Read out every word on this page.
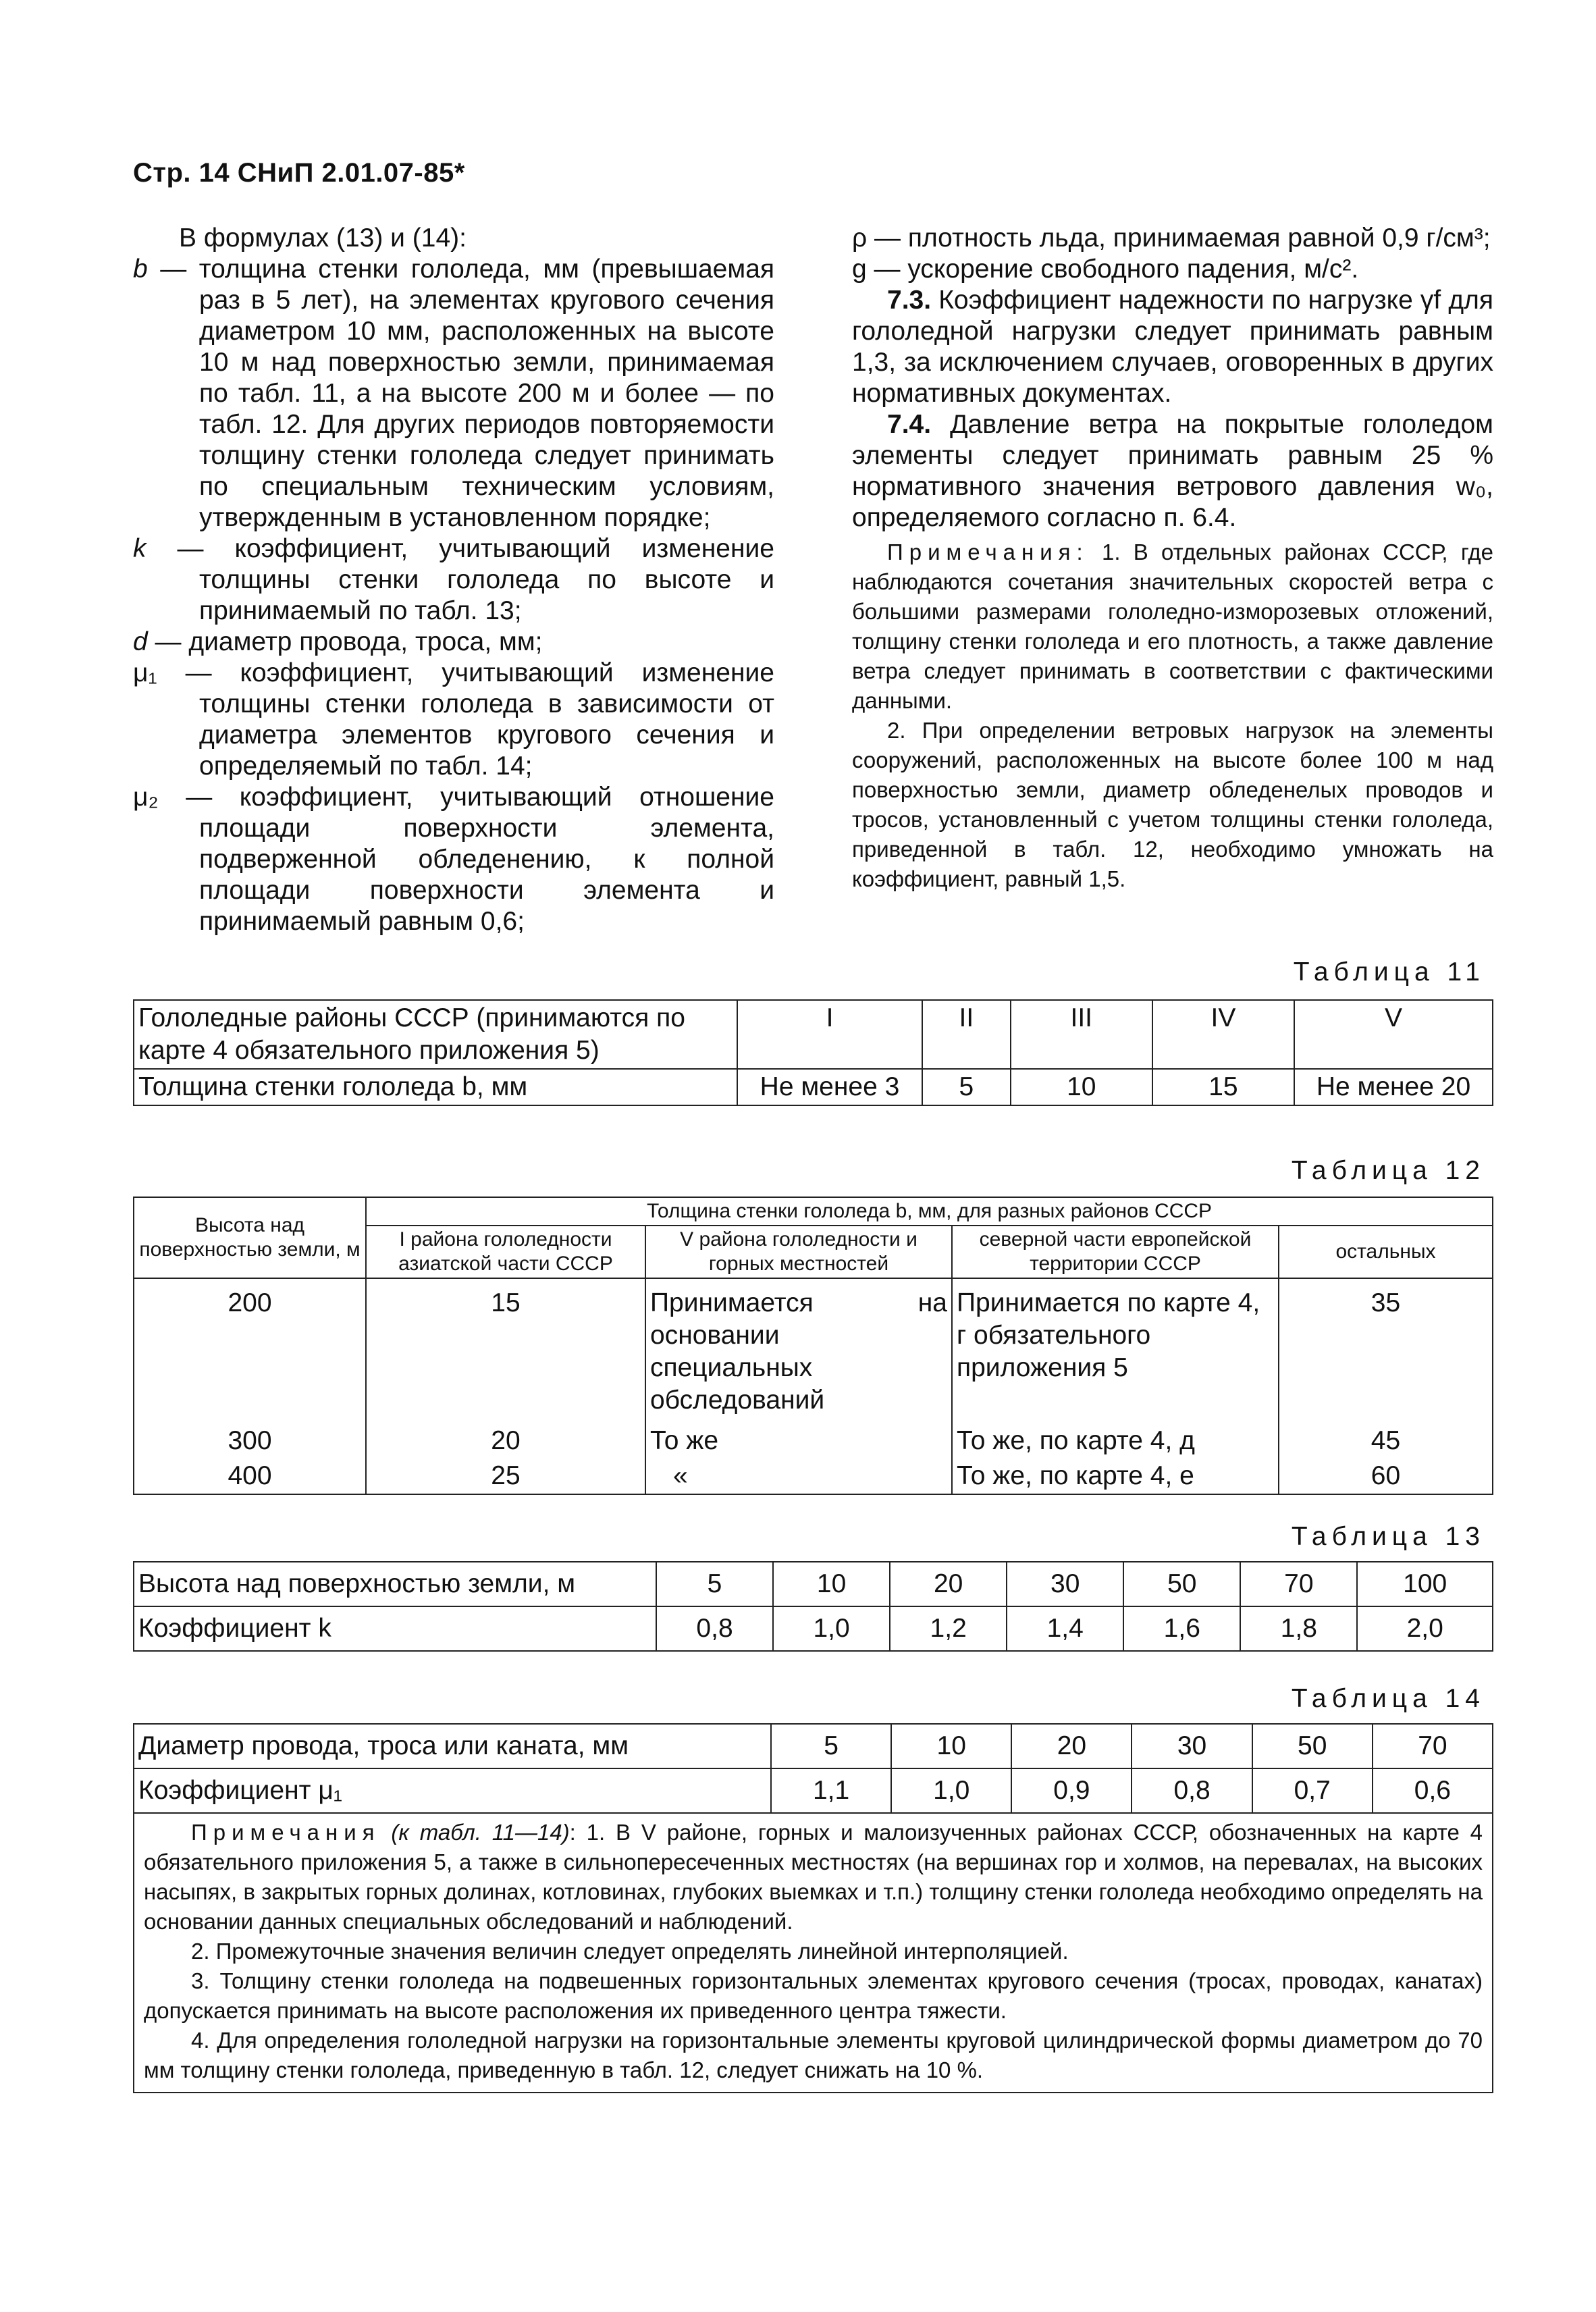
Стр. 14 СНиП 2.01.07-85*

В формулах (13) и (14):

b — толщина стенки гололеда, мм (превышаемая раз в 5 лет), на элементах кругового сечения диаметром 10 мм, расположенных на высоте 10 м над поверхностью земли, принимаемая по табл. 11, а на высоте 200 м и более — по табл. 12. Для других периодов повторяемости толщину стенки гололеда следует принимать по специальным техническим условиям, утвержденным в установленном порядке;

k — коэффициент, учитывающий изменение толщины стенки гололеда по высоте и принимаемый по табл. 13;

d — диаметр провода, троса, мм;

μ₁ — коэффициент, учитывающий изменение толщины стенки гололеда в зависимости от диаметра элементов кругового сечения и определяемый по табл. 14;

μ₂ — коэффициент, учитывающий отношение площади поверхности элемента, подверженной обледенению, к полной площади поверхности элемента и принимаемый равным 0,6;

ρ — плотность льда, принимаемая равной 0,9 г/см³;

g — ускорение свободного падения, м/с².

7.3. Коэффициент надежности по нагрузке γf для гололедной нагрузки следует принимать равным 1,3, за исключением случаев, оговоренных в других нормативных документах.

7.4. Давление ветра на покрытые гололедом элементы следует принимать равным 25 % нормативного значения ветрового давления w₀, определяемого согласно п. 6.4.

Примечания: 1. В отдельных районах СССР, где наблюдаются сочетания значительных скоростей ветра с большими размерами гололедно-изморозевых отложений, толщину стенки гололеда и его плотность, а также давление ветра следует принимать в соответствии с фактическими данными.

2. При определении ветровых нагрузок на элементы сооружений, расположенных на высоте более 100 м над поверхностью земли, диаметр обледенелых проводов и тросов, установленный с учетом толщины стенки гололеда, приведенной в табл. 12, необходимо умножать на коэффициент, равный 1,5.

Таблица 11
Гололедные районы СССР (принимаются по карте 4 обязательного приложения 5)	I	II	III	IV	V
Толщина стенки гололеда b, мм	Не менее 3	5	10	15	Не менее 20
Таблица 12
Высота над поверхностью земли, м	Толщина стенки гололеда b, мм, для разных районов СССР			
	I района гололедности азиатской части СССР	V района гололедности и горных местностей	северной части европейской территории СССР	остальных
200	15	Принимается на основании специальных обследований	Принимается по карте 4, г обязательного приложения 5	35
300	20	То же	То же, по карте 4, д	45
400	25	«	То же, по карте 4, е	60
Таблица 13
Высота над поверхностью земли, м	5	10	20	30	50	70	100
Коэффициент k	0,8	1,0	1,2	1,4	1,6	1,8	2,0
Таблица 14
Диаметр провода, троса или каната, мм	5	10	20	30	50	70
Коэффициент μ₁	1,1	1,0	0,9	0,8	0,7	0,6

Примечания (к табл. 11—14): 1. В V районе, горных и малоизученных районах СССР, обозначенных на карте 4 обязательного приложения 5, а также в сильнопересеченных местностях (на вершинах гор и холмов, на перевалах, на высоких насыпях, в закрытых горных долинах, котловинах, глубоких выемках и т.п.) толщину стенки гололеда необходимо определять на основании данных специальных обследований и наблюдений.

2. Промежуточные значения величин следует определять линейной интерполяцией.

3. Толщину стенки гололеда на подвешенных горизонтальных элементах кругового сечения (тросах, проводах, канатах) допускается принимать на высоте расположения их приведенного центра тяжести.

4. Для определения гололедной нагрузки на горизонтальные элементы круговой цилиндрической формы диаметром до 70 мм толщину стенки гололеда, приведенную в табл. 12, следует снижать на 10 %.
